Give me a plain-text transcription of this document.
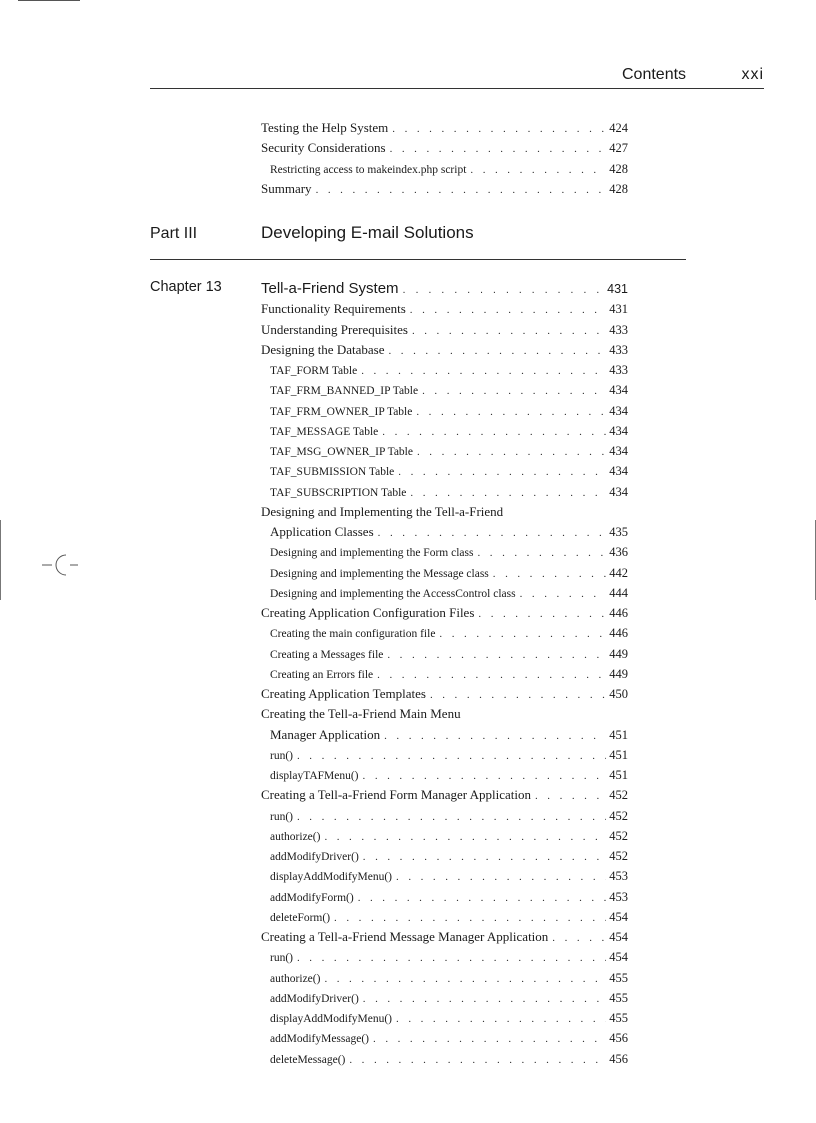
Contents	xxi
Testing the Help System . . .	424
Security Considerations . . .	427
Restricting access to makeindex.php script . . .	428
Summary . . .	428
Part III	Developing E-mail Solutions
Chapter 13	Tell-a-Friend System . . .	431
Functionality Requirements . . .	431
Understanding Prerequisites . . .	433
Designing the Database . . .	433
TAF_FORM Table . . .	433
TAF_FRM_BANNED_IP Table . . .	434
TAF_FRM_OWNER_IP Table . . .	434
TAF_MESSAGE Table . . .	434
TAF_MSG_OWNER_IP Table . . .	434
TAF_SUBMISSION Table . . .	434
TAF_SUBSCRIPTION Table . . .	434
Designing and Implementing the Tell-a-Friend
Application Classes . . .	435
Designing and implementing the Form class . . .	436
Designing and implementing the Message class . . .	442
Designing and implementing the AccessControl class . . .	444
Creating Application Configuration Files . . .	446
Creating the main configuration file . . .	446
Creating a Messages file . . .	449
Creating an Errors file . . .	449
Creating Application Templates . . .	450
Creating the Tell-a-Friend Main Menu
Manager Application . . .	451
run() . . .	451
displayTAFMenu() . . .	451
Creating a Tell-a-Friend Form Manager Application . . .	452
run() . . .	452
authorize() . . .	452
addModifyDriver() . . .	452
displayAddModifyMenu() . . .	453
addModifyForm() . . .	453
deleteForm() . . .	454
Creating a Tell-a-Friend Message Manager Application . . .	454
run() . . .	454
authorize() . . .	455
addModifyDriver() . . .	455
displayAddModifyMenu() . . .	455
addModifyMessage() . . .	456
deleteMessage() . . .	456
